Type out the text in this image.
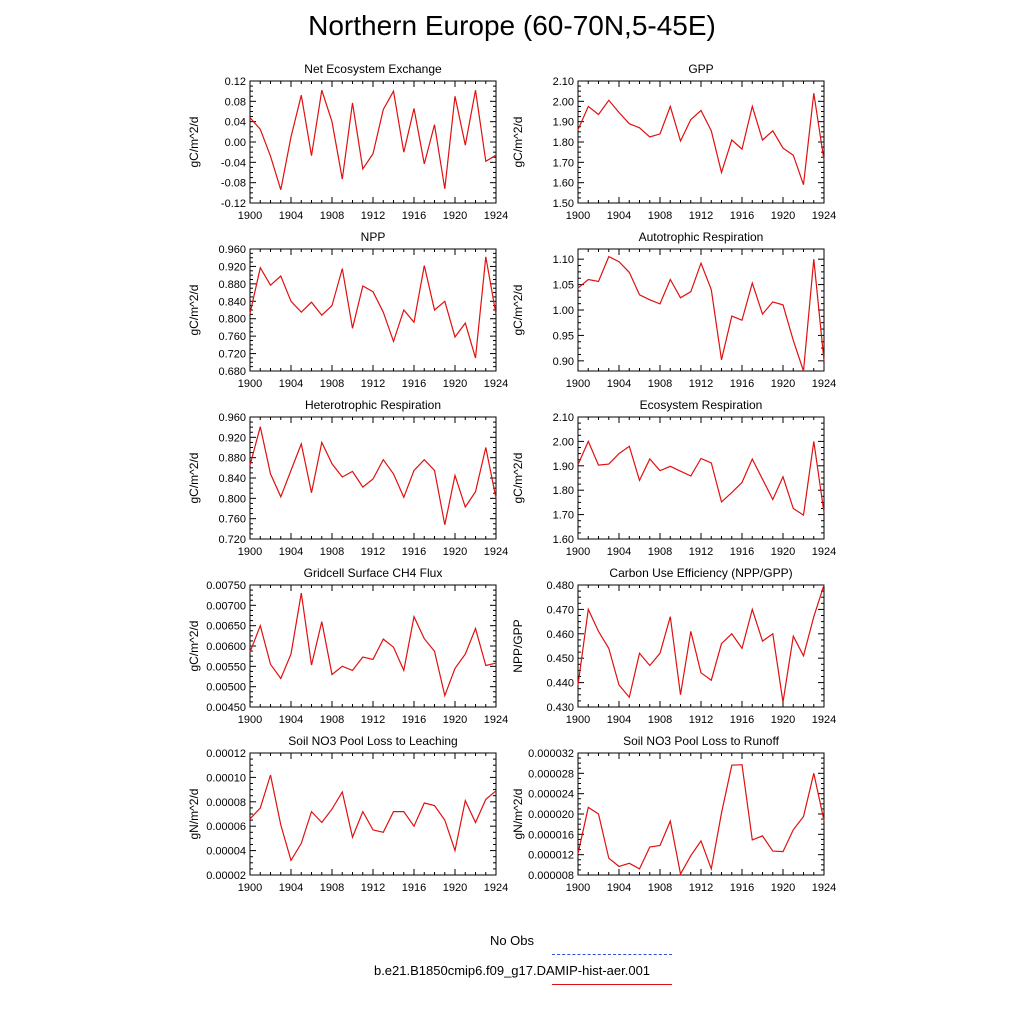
Northern Europe (60-70N,5-45E)
1900 1904 1908 1912 1916 1920 1924
-0.12
-0.08
-0.04
0.00
0.04
0.08
0.12
Net Ecosystem Exchange
gC/m^2/d
1900 1904 1908 1912 1916 1920 1924
1.50
1.60
1.70
1.80
1.90
2.00
2.10
GPP
gC/m^2/d
1900 1904 1908 1912 1916 1920 1924
0.680
0.720
0.760
0.800
0.840
0.880
0.920
0.960
NPP
gC/m^2/d
1900 1904 1908 1912 1916 1920 1924
0.90
0.95
1.00
1.05
1.10
Autotrophic Respiration
gC/m^2/d
1900 1904 1908 1912 1916 1920 1924
0.720
0.760
0.800
0.840
0.880
0.920
0.960
Heterotrophic Respiration
gC/m^2/d
1900 1904 1908 1912 1916 1920 1924
1.60
1.70
1.80
1.90
2.00
2.10
Ecosystem Respiration
gC/m^2/d
1900 1904 1908 1912 1916 1920 1924
0.00450
0.00500
0.00550
0.00600
0.00650
0.00700
0.00750
Gridcell Surface CH4 Flux
gC/m^2/d
1900 1904 1908 1912 1916 1920 1924
0.430
0.440
0.450
0.460
0.470
0.480
Carbon Use Efficiency (NPP/GPP)
NPP/GPP
1900 1904 1908 1912 1916 1920 1924
0.00002
0.00004
0.00006
0.00008
0.00010
0.00012
Soil NO3 Pool Loss to Leaching
gN/m^2/d
1900 1904 1908 1912 1916 1920 1924
0.000008
0.000012
0.000016
0.000020
0.000024
0.000028
0.000032
Soil NO3 Pool Loss to Runoff
gN/m^2/d
No Obs
b.e21.B1850cmip6.f09_g17.DAMIP-hist-aer.001
